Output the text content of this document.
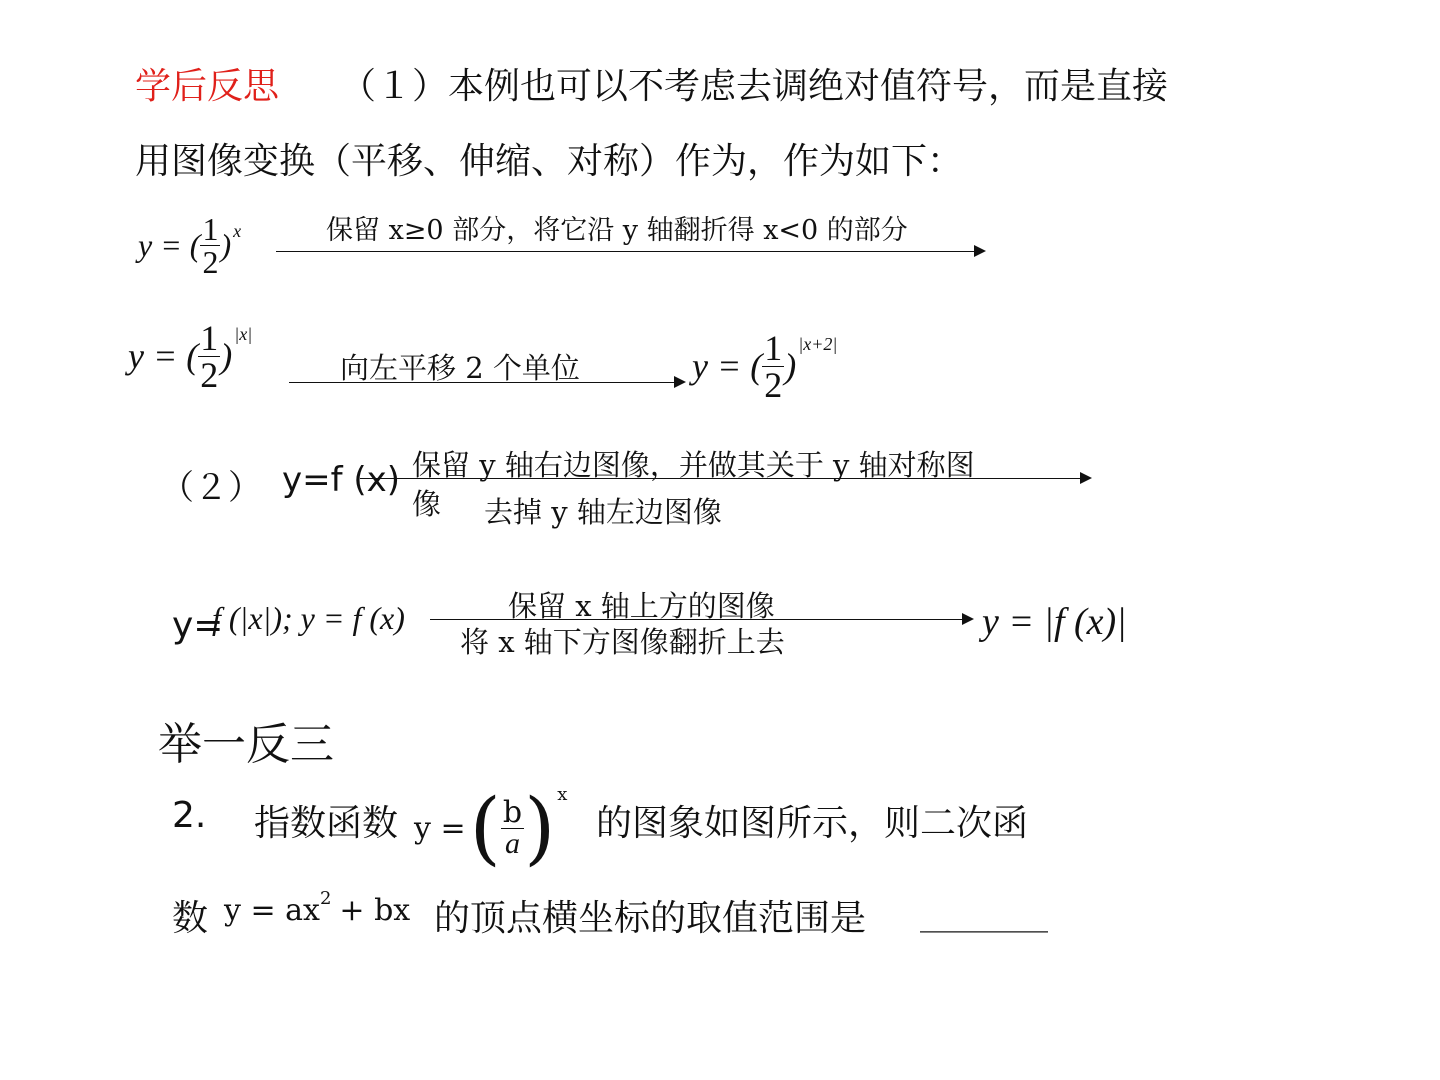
学后反思 （１）本例也可以不考虑去调绝对值符号，而是直接
用图像变换（平移、伸缩、对称）作为，作为如下：
y = ( $\frac{1}{2}$ ) x	保留 x≥0 部分，将它沿 y 轴翻折得 x<0 的部分
y = ( $\frac{1}{2}$ )
|x|
向左平移 2 个单位	y = ( $\frac{1}{2}$ )
|x+2|
（２） y=f (x) 保留 y 轴右边图像，并做其关于 y 轴对称图
像 去掉 y 轴左边图像
y=
f (|x|); y = f (x)	保留 x 轴上方的图像
将 x 轴下方图像翻折上去	y = |f (x)|
举一反三
2. 指数函数 y = ( $\frac{b}{a}$ ) x
的图象如图所示，则二次函
数 y = ax 2 + bx 的顶点横坐标的取值范围是 ________
